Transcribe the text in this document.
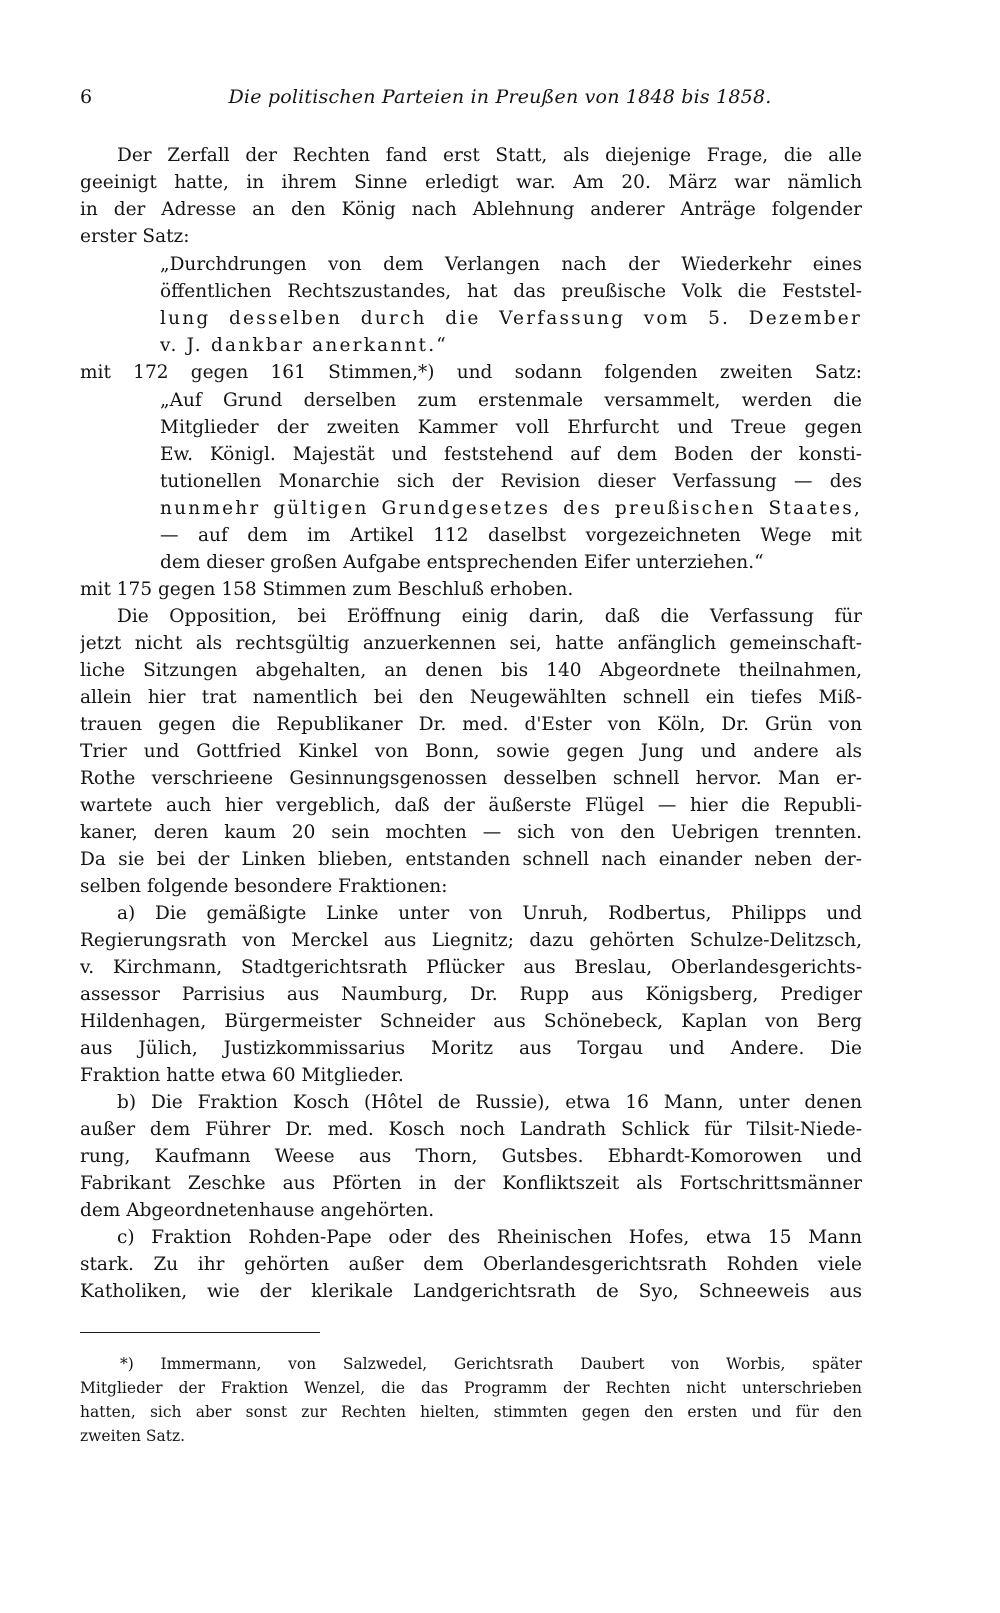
6	Die politischen Parteien in Preußen von 1848 bis 1858.
Der Zerfall der Rechten fand erst Statt, als diejenige Frage, die alle
geeinigt hatte, in ihrem Sinne erledigt war. Am 20. März war nämlich
in der Adresse an den König nach Ablehnung anderer Anträge folgender
erster Satz:
„Durchdrungen von dem Verlangen nach der Wiederkehr eines
öffentlichen Rechtszustandes, hat das preußische Volk die Feststel-
lung desselben durch die Verfassung vom 5. Dezember
v. J. dankbar anerkannt.“
mit 172 gegen 161 Stimmen,*) und sodann folgenden zweiten Satz:
„Auf Grund derselben zum erstenmale versammelt, werden die
Mitglieder der zweiten Kammer voll Ehrfurcht und Treue gegen
Ew. Königl. Majestät und feststehend auf dem Boden der konsti-
tutionellen Monarchie sich der Revision dieser Verfassung — des
nunmehr gültigen Grundgesetzes des preußischen Staates,
— auf dem im Artikel 112 daselbst vorgezeichneten Wege mit
dem dieser großen Aufgabe entsprechenden Eifer unterziehen.“
mit 175 gegen 158 Stimmen zum Beschluß erhoben.
Die Opposition, bei Eröffnung einig darin, daß die Verfassung für
jetzt nicht als rechtsgültig anzuerkennen sei, hatte anfänglich gemeinschaft-
liche Sitzungen abgehalten, an denen bis 140 Abgeordnete theilnahmen,
allein hier trat namentlich bei den Neugewählten schnell ein tiefes Miß-
trauen gegen die Republikaner Dr. med. d'Ester von Köln, Dr. Grün von
Trier und Gottfried Kinkel von Bonn, sowie gegen Jung und andere als
Rothe verschrieene Gesinnungsgenossen desselben schnell hervor. Man er-
wartete auch hier vergeblich, daß der äußerste Flügel — hier die Republi-
kaner, deren kaum 20 sein mochten — sich von den Uebrigen trennten.
Da sie bei der Linken blieben, entstanden schnell nach einander neben der-
selben folgende besondere Fraktionen:
a) Die gemäßigte Linke unter von Unruh, Rodbertus, Philipps und
Regierungsrath von Merckel aus Liegnitz; dazu gehörten Schulze-Delitzsch,
v. Kirchmann, Stadtgerichtsrath Pflücker aus Breslau, Oberlandesgerichts-
assessor Parrisius aus Naumburg, Dr. Rupp aus Königsberg, Prediger
Hildenhagen, Bürgermeister Schneider aus Schönebeck, Kaplan von Berg
aus Jülich, Justizkommissarius Moritz aus Torgau und Andere. Die
Fraktion hatte etwa 60 Mitglieder.
b) Die Fraktion Kosch (Hôtel de Russie), etwa 16 Mann, unter denen
außer dem Führer Dr. med. Kosch noch Landrath Schlick für Tilsit-Niede-
rung, Kaufmann Weese aus Thorn, Gutsbes. Ebhardt-Komorowen und
Fabrikant Zeschke aus Pförten in der Konfliktszeit als Fortschrittsmänner
dem Abgeordnetenhause angehörten.
c) Fraktion Rohden-Pape oder des Rheinischen Hofes, etwa 15 Mann
stark. Zu ihr gehörten außer dem Oberlandesgerichtsrath Rohden viele
Katholiken, wie der klerikale Landgerichtsrath de Syo, Schneeweis aus
*) Immermann, von Salzwedel, Gerichtsrath Daubert von Worbis, später
Mitglieder der Fraktion Wenzel, die das Programm der Rechten nicht unterschrieben
hatten, sich aber sonst zur Rechten hielten, stimmten gegen den ersten und für den
zweiten Satz.
